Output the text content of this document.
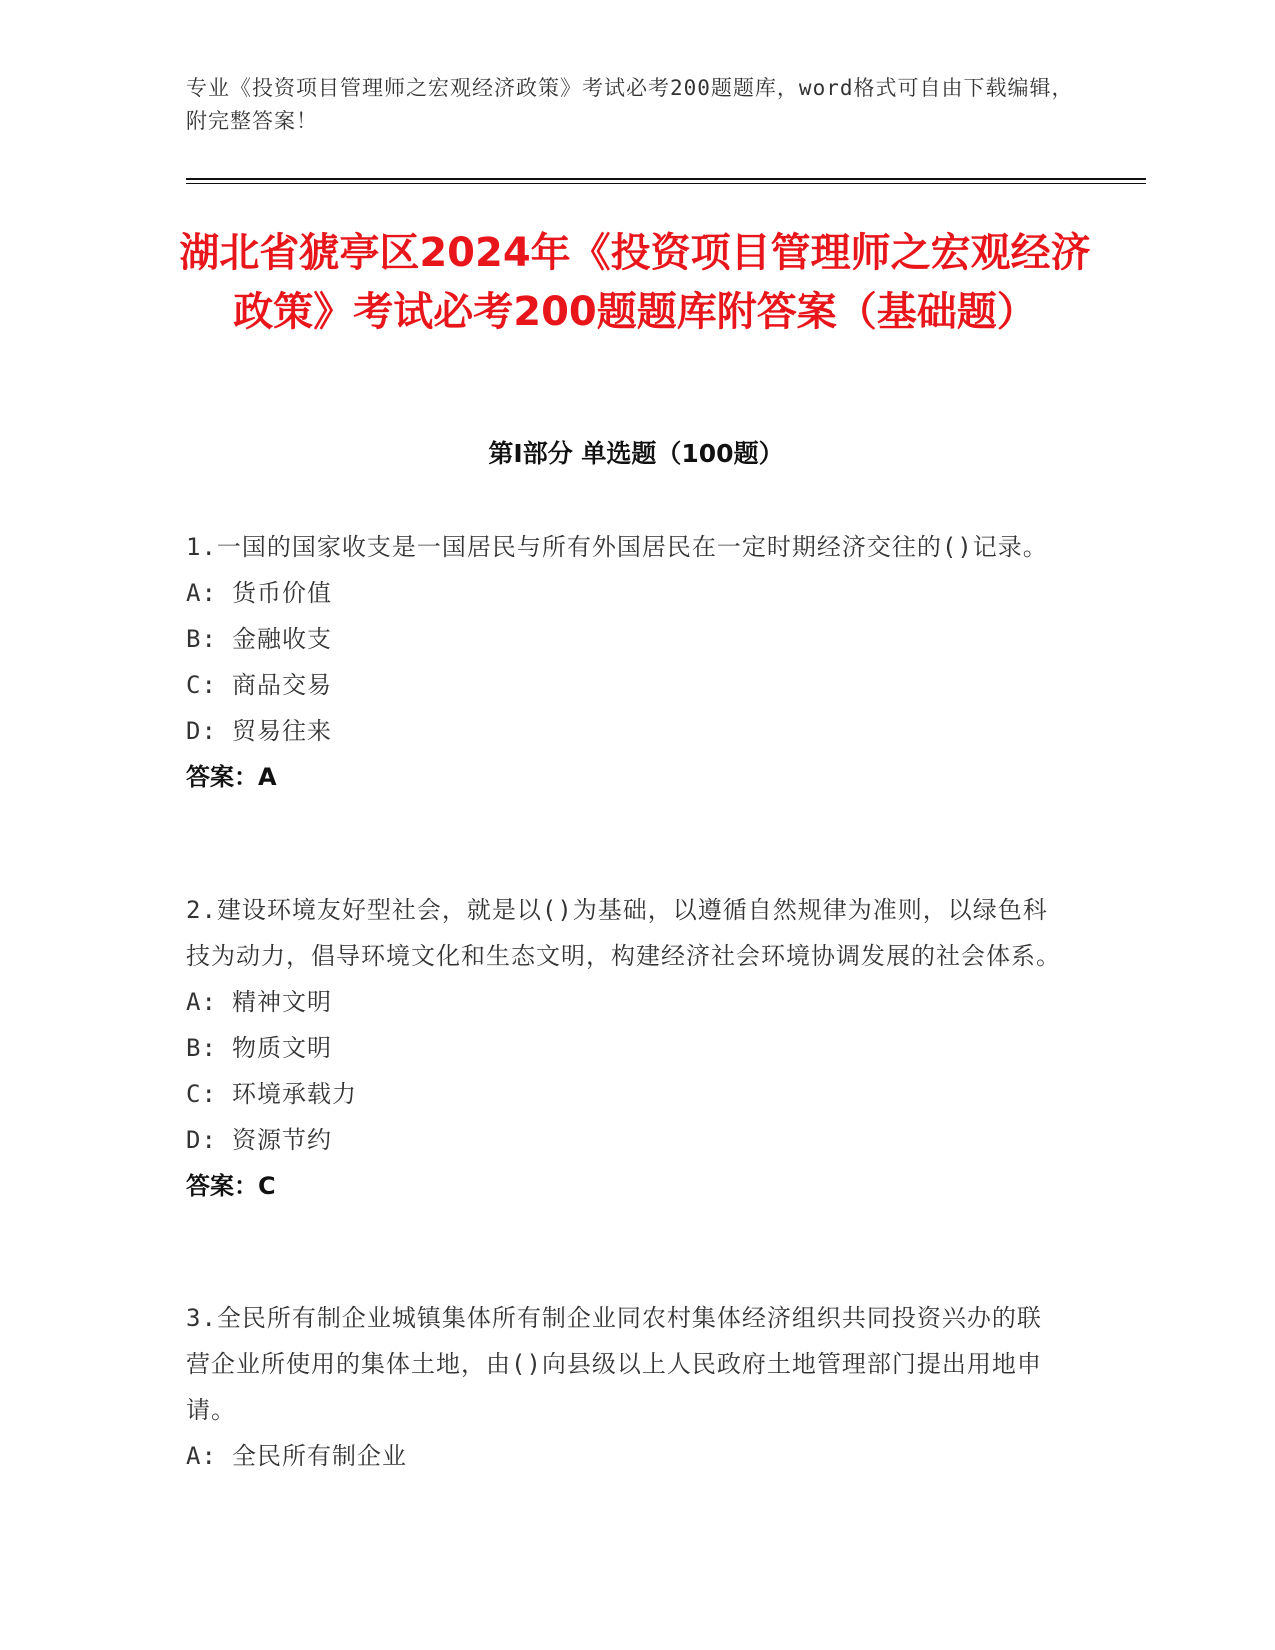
专业《投资项目管理师之宏观经济政策》考试必考200题题库，word格式可自由下载编辑，附完整答案！
湖北省猇亭区2024年《投资项目管理师之宏观经济政策》考试必考200题题库附答案（基础题）
第Ⅰ部分 单选题（100题）

1.一国的国家收支是一国居民与所有外国居民在一定时期经济交往的()记录。

A: 货币价值

B: 金融收支

C: 商品交易

D: 贸易往来

答案：A

2.建设环境友好型社会，就是以()为基础，以遵循自然规律为准则，以绿色科技为动力，倡导环境文化和生态文明，构建经济社会环境协调发展的社会体系。

A: 精神文明

B: 物质文明

C: 环境承载力

D: 资源节约

答案：C

3.全民所有制企业城镇集体所有制企业同农村集体经济组织共同投资兴办的联营企业所使用的集体土地，由()向县级以上人民政府土地管理部门提出用地申请。

A: 全民所有制企业
